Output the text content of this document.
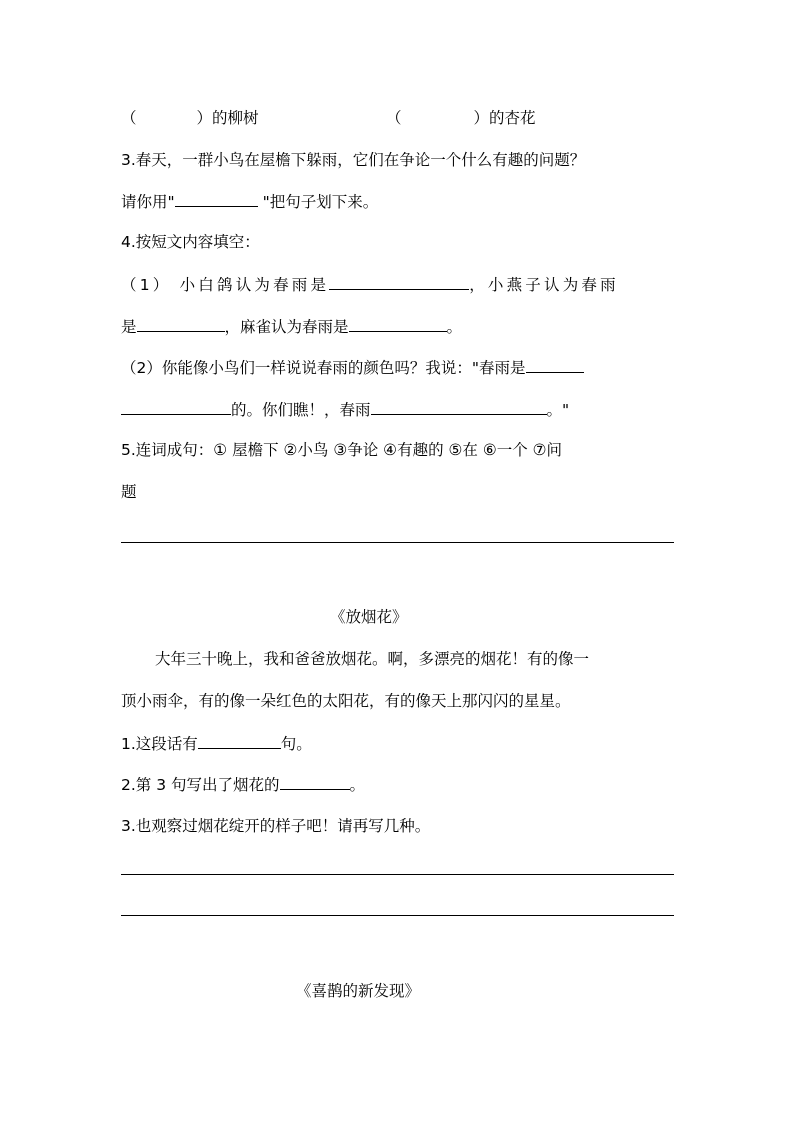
（	）的柳树	（	）的杏花
3.春天，一群小鸟在屋檐下躲雨，它们在争论一个什么有趣的问题？
请你用"	"把句子划下来。
4.按短文内容填空：
（1） 小白鸽认为春雨是	，小燕子认为春雨
是	，麻雀认为春雨是	。
（2）你能像小鸟们一样说说春雨的颜色吗？我说："春雨是
的。你们瞧！，春雨	。"
5.连词成句：① 屋檐下 ②小鸟 ③争论 ④有趣的 ⑤在 ⑥一个 ⑦问
题
《放烟花》
大年三十晚上，我和爸爸放烟花。啊，多漂亮的烟花！有的像一
顶小雨伞，有的像一朵红色的太阳花，有的像天上那闪闪的星星。
1.这段话有	句。
2.第 3 句写出了烟花的	。
3.也观察过烟花绽开的样子吧！请再写几种。
《喜鹊的新发现》
